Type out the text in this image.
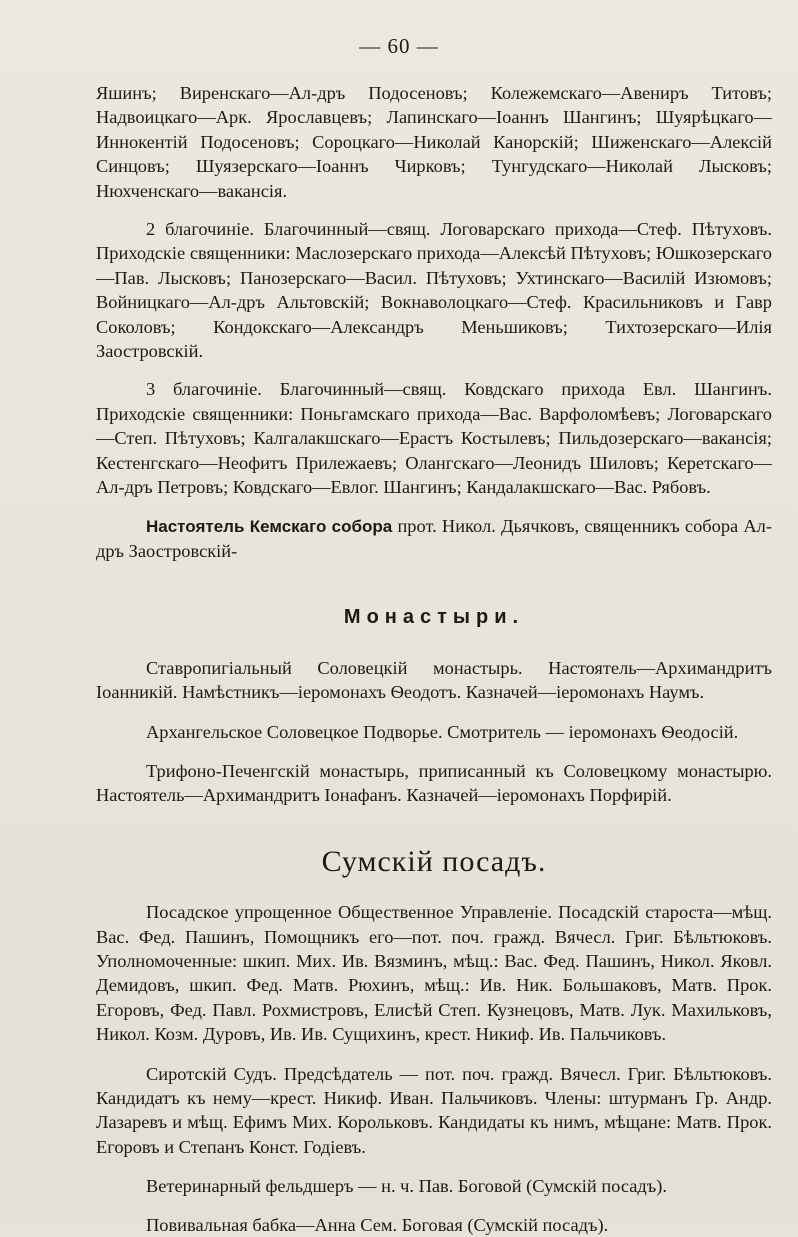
— 60 —

Яшинъ; Виренскаго—Ал-дръ Подосеновъ; Колежемскаго—Авениръ Титовъ; Надвоицкаго—Арк. Ярославцевъ; Лапинскаго—Іоаннъ Шангинъ; Шуярѣцкаго—Иннокентій Подосеновъ; Сороцкаго—Николай Канорскій; Шиженскаго—Алексій Синцовъ; Шуязерскаго—Іоаннъ Чирковъ; Тунгудскаго—Николай Лысковъ; Нюхченскаго—вакансія.

2 благочиніе. Благочинный—свящ. Логоварскаго прихода—Стеф. Пѣтуховъ. Приходскіе священники: Маслозерскаго прихода—Алексѣй Пѣтуховъ; Юшкозерскаго—Пав. Лысковъ; Панозерскаго—Васил. Пѣтуховъ; Ухтинскаго—Василій Изюмовъ; Войницкаго—Ал-дръ Альтовскій; Вокнаволоцкаго—Стеф. Красильниковъ и Гавр Соколовъ; Кондокскаго—Александръ Меньшиковъ; Тихтозерскаго—Илія Заостровскій.

3 благочиніе. Благочинный—свящ. Ковдскаго прихода Евл. Шангинъ. Приходскіе священники: Поньгамскаго прихода—Вас. Варфоломѣевъ; Логоварскаго—Степ. Пѣтуховъ; Калгалакшскаго—Ерастъ Костылевъ; Пильдозерскаго—вакансія; Кестенгскаго—Неофитъ Прилежаевъ; Олангскаго—Леонидъ Шиловъ; Керетскаго—Ал-дръ Петровъ; Ковдскаго—Евлог. Шангинъ; Кандалакшскаго—Вас. Рябовъ.

Настоятель Кемскаго собора прот. Никол. Дьячковъ, священникъ собора Ал-дръ Заостровскій-

Монастыри.

Ставропигіальный Соловецкій монастырь. Настоятель—Архимандритъ Іоанникій. Намѣстникъ—іеромонахъ Ѳеодотъ. Казначей—іеромонахъ Наумъ.

Архангельское Соловецкое Подворье. Смотритель — іеромонахъ Ѳеодосій.

Трифоно-Печенгскій монастырь, приписанный къ Соловецкому монастырю. Настоятель—Архимандритъ Іонафанъ. Казначей—іеромонахъ Порфирій.

Сумскій посадъ.

Посадское упрощенное Общественное Управленіе. Посадскій староста—мѣщ. Вас. Фед. Пашинъ, Помощникъ его—пот. поч. гражд. Вячесл. Григ. Бѣльтюковъ. Уполномоченные: шкип. Мих. Ив. Вязминъ, мѣщ.: Вас. Фед. Пашинъ, Никол. Яковл. Демидовъ, шкип. Фед. Матв. Рюхинъ, мѣщ.: Ив. Ник. Большаковъ, Матв. Прок. Егоровъ, Фед. Павл. Рохмистровъ, Елисѣй Степ. Кузнецовъ, Матв. Лук. Махильковъ, Никол. Козм. Дуровъ, Ив. Ив. Сущихинъ, крест. Никиф. Ив. Пальчиковъ.

Сиротскій Судъ. Предсѣдатель — пот. поч. гражд. Вячесл. Григ. Бѣльтюковъ. Кандидатъ къ нему—крест. Никиф. Иван. Пальчиковъ. Члены: штурманъ Гр. Андр. Лазаревъ и мѣщ. Ефимъ Мих. Корольковъ. Кандидаты къ нимъ, мѣщане: Матв. Прок. Егоровъ и Степанъ Конст. Годіевъ.

Ветеринарный фельдшеръ — н. ч. Пав. Боговой (Сумскій посадъ).

Повивальная бабка—Анна Сем. Боговая (Сумскій посадъ).
